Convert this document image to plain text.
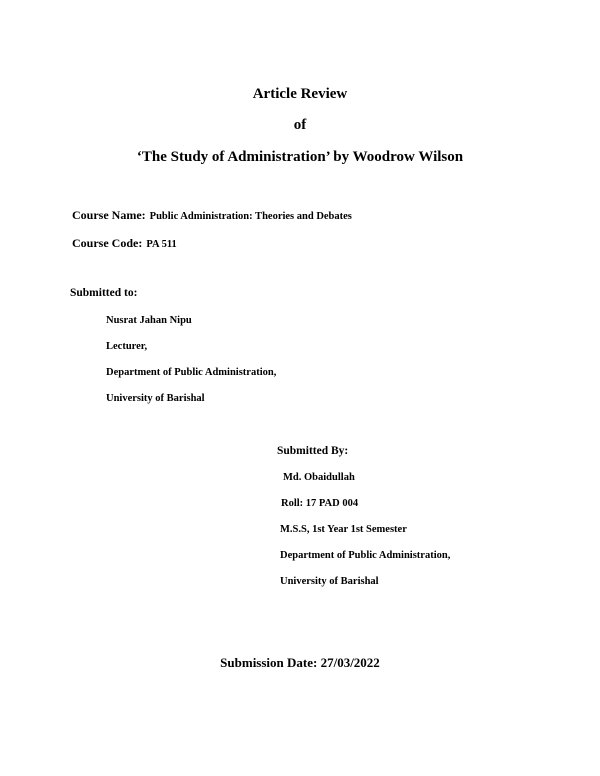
Article Review
of
‘The Study of Administration’ by Woodrow Wilson
Course Name: Public Administration: Theories and Debates
Course Code: PA 511
Submitted to:
Nusrat Jahan Nipu
Lecturer,
Department of Public Administration,
University of Barishal
Submitted By:
Md. Obaidullah
Roll: 17 PAD 004
M.S.S, 1st Year 1st Semester
Department of Public Administration,
University of Barishal
Submission Date: 27/03/2022
